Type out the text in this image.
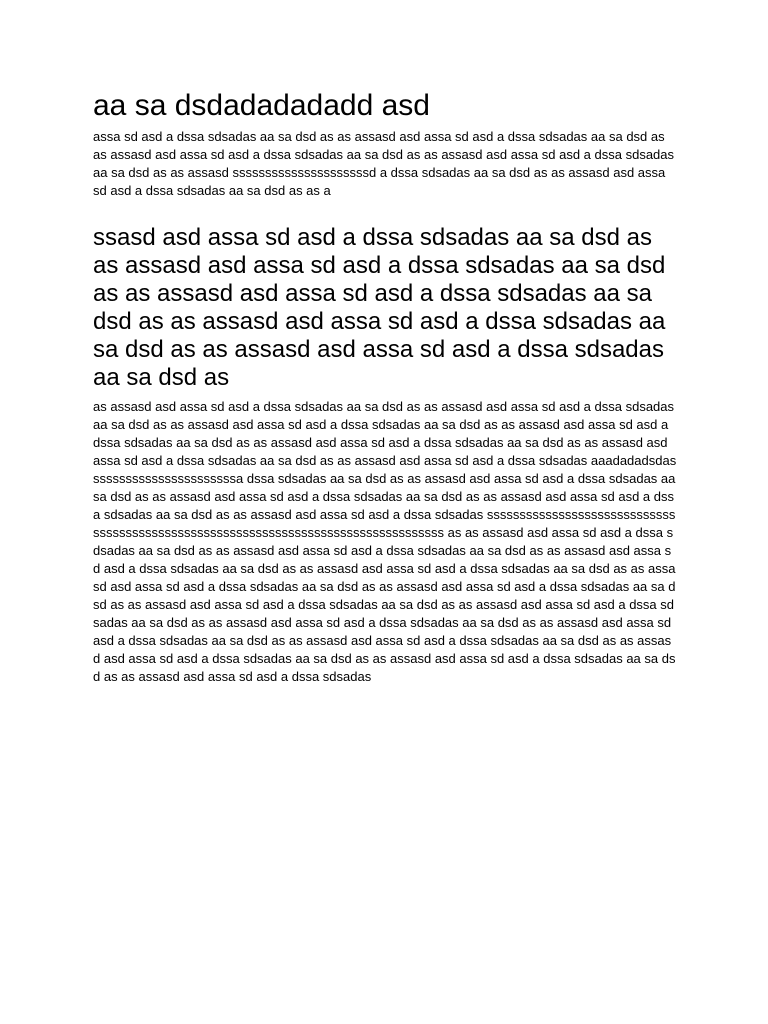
aa sa dsdadadadadd asd

assa sd asd a dssa sdsadas aa sa dsd as as assasd asd assa sd asd a dssa sdsadas aa sa dsd as as assasd asd assa sd asd a dssa sdsadas aa sa dsd as as assasd asd assa sd asd a dssa sdsadas aa sa dsd as as assasd sssssssssssssssssssssd a dssa sdsadas aa sa dsd as as assasd asd assa sd asd a dssa sdsadas aa sa dsd as as a

ssasd asd assa sd asd a dssa sdsadas aa sa dsd as as assasd asd assa sd asd a dssa sdsadas aa sa dsd as as assasd asd assa sd asd a dssa sdsadas aa sa dsd as as assasd asd assa sd asd a dssa sdsadas aa sa dsd as as assasd asd assa sd asd a dssa sdsadas aa sa dsd as

as assasd asd assa sd asd a dssa sdsadas aa sa dsd as as assasd asd assa sd asd a dssa sdsadas aa sa dsd as as assasd asd assa sd asd a dssa sdsadas aa sa dsd as as assasd asd assa sd asd a dssa sdsadas aa sa dsd as as assasd asd assa sd asd a dssa sdsadas aa sa dsd as as assasd asd assa sd asd a dssa sdsadas aa sa dsd as as assasd asd assa sd asd a dssa sdsadas aaadadadsdasssssssssssssssssssssssa dssa sdsadas aa sa dsd as as assasd asd assa sd asd a dssa sdsadas aa sa dsd as as assasd asd assa sd asd a dssa sdsadas aa sa dsd as as assasd asd assa sd asd a dssa sdsadas aa sa dsd as as assasd asd assa sd asd a dssa sdsadas sssssssssssssssssssssssssssssssssssssssssssssssssssssssssssssssssssssssssssssssssss as as assasd asd assa sd asd a dssa sdsadas aa sa dsd as as assasd asd assa sd asd a dssa sdsadas aa sa dsd as as assasd asd assa sd asd a dssa sdsadas aa sa dsd as as assasd asd assa sd asd a dssa sdsadas aa sa dsd as as assasd asd assa sd asd a dssa sdsadas aa sa dsd as as assasd asd assa sd asd a dssa sdsadas aa sa dsd as as assasd asd assa sd asd a dssa sdsadas aa sa dsd as as assasd asd assa sd asd a dssa sdsadas aa sa dsd as as assasd asd assa sd asd a dssa sdsadas aa sa dsd as as assasd asd assa sd asd a dssa sdsadas aa sa dsd as as assasd asd assa sd asd a dssa sdsadas aa sa dsd as as assasd asd assa sd asd a dssa sdsadas aa sa dsd as as assasd asd assa sd asd a dssa sdsadas aa sa dsd as as assasd asd assa sd asd a dssa sdsadas
